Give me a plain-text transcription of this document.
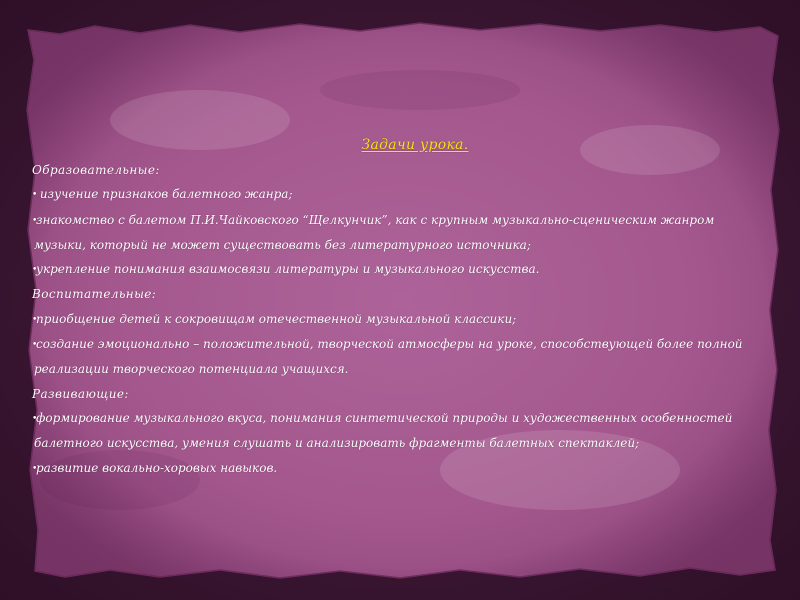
Задачи урока.
Образовательные:
• изучение признаков балетного жанра;
•знакомство с балетом П.И.Чайковского “Щелкунчик”, как с крупным музыкально-сценическим жанром
музыки, который не может существовать без литературного источника;
•укрепление понимания взаимосвязи литературы и музыкального искусства.
Воспитательные:
•приобщение детей к сокровищам отечественной музыкальной классики;
•создание эмоционально – положительной, творческой атмосферы на уроке, способствующей более полной
реализации творческого потенциала учащихся.
Развивающие:
•формирование музыкального вкуса, понимания синтетической природы и художественных особенностей
балетного искусства, умения слушать и анализировать фрагменты балетных спектаклей;
•развитие вокально-хоровых навыков.
